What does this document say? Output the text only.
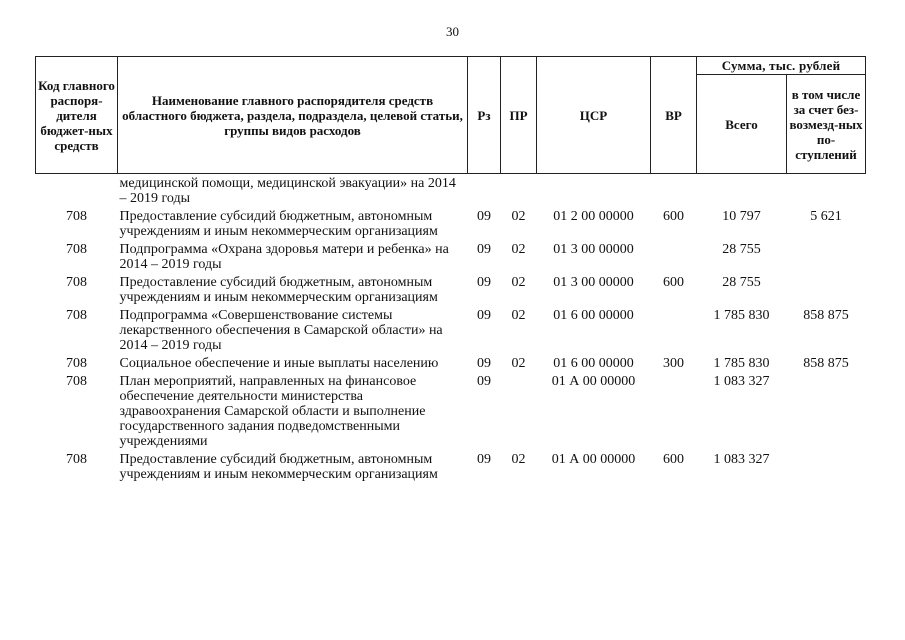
30
Код главного распоря-дителя бюджет-ных средств	Наименование главного распорядителя средств областного бюджета, раздела, подраздела, целевой статьи, группы видов расходов	Рз	ПР	ЦСР	ВР	Сумма, тыс. рублей	
						Всего	в том числе за счет без-возмезд-ных по-ступлений
	медицинской помощи, медицинской эвакуации» на 2014 – 2019 годы						
708	Предоставление субсидий бюджетным, автономным учреждениям и иным некоммерческим организациям	09	02	01 2 00 00000	600	10 797	5 621
708	Подпрограмма «Охрана здоровья матери и ребенка» на 2014 – 2019 годы	09	02	01 3 00 00000		28 755	
708	Предоставление субсидий бюджетным, автономным учреждениям и иным некоммерческим организациям	09	02	01 3 00 00000	600	28 755	
708	Подпрограмма «Совершенствование системы лекарственного обеспечения в Самарской области» на 2014 – 2019 годы	09	02	01 6 00 00000		1 785 830	858 875
708	Социальное обеспечение и иные выплаты населению	09	02	01 6 00 00000	300	1 785 830	858 875
708	План мероприятий, направленных на финансовое обеспечение деятельности министерства здравоохранения Самарской области и выполнение государственного задания подведомственными учреждениями	09		01 А 00 00000		1 083 327	
708	Предоставление субсидий бюджетным, автономным учреждениям и иным некоммерческим организациям	09	02	01 А 00 00000	600	1 083 327	
